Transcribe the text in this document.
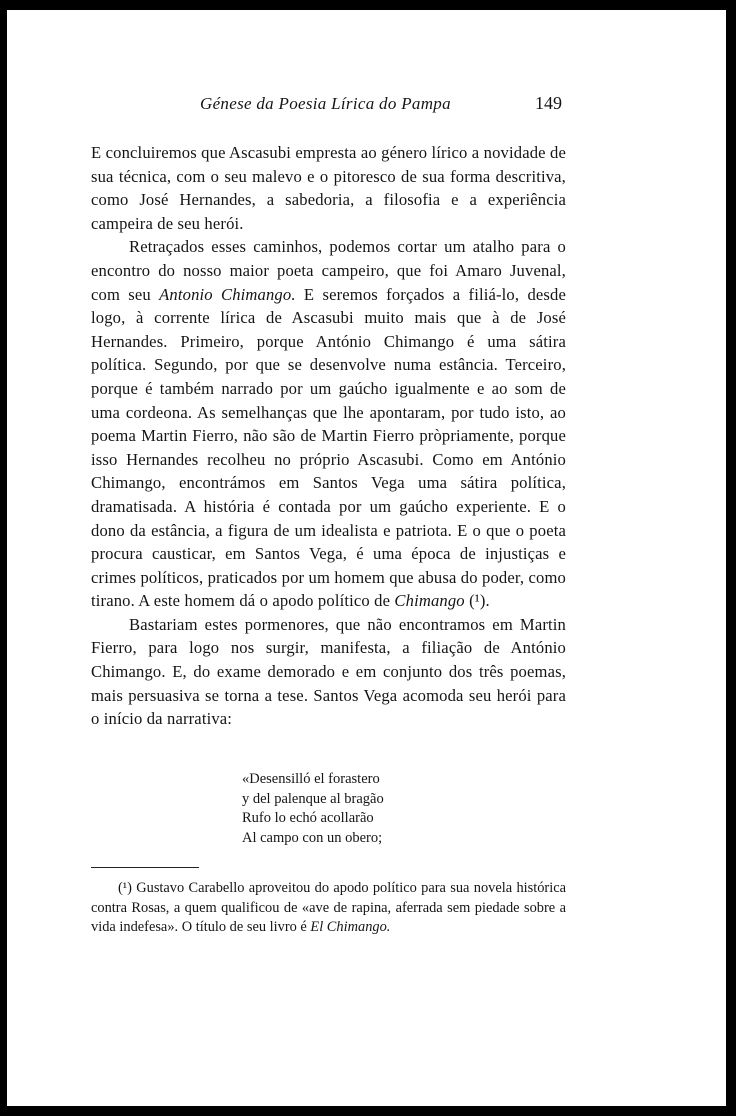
Génese da Poesia Lírica do Pampa	149

E concluiremos que Ascasubi empresta ao género lírico a novidade de sua técnica, com o seu malevo e o pitoresco de sua forma descritiva, como José Hernandes, a sabedoria, a filosofia e a experiência campeira de seu herói.

Retraçados esses caminhos, podemos cortar um atalho para o encontro do nosso maior poeta campeiro, que foi Amaro Juvenal, com seu Antonio Chimango. E seremos forçados a filiá-lo, desde logo, à corrente lírica de Ascasubi muito mais que à de José Hernandes. Primeiro, porque António Chimango é uma sátira política. Segundo, por que se desenvolve numa estância. Terceiro, porque é também narrado por um gaúcho igualmente e ao som de uma cordeona. As semelhanças que lhe apontaram, por tudo isto, ao poema Martin Fierro, não são de Martin Fierro pròpriamente, porque isso Hernandes recolheu no próprio Ascasubi. Como em António Chimango, encontrámos em Santos Vega uma sátira política, dramatisada. A história é contada por um gaúcho experiente. E o dono da estância, a figura de um idealista e patriota. E o que o poeta procura causticar, em Santos Vega, é uma época de injustiças e crimes políticos, praticados por um homem que abusa do poder, como tirano. A este homem dá o apodo político de Chimango (¹).

Bastariam estes pormenores, que não encontramos em Martin Fierro, para logo nos surgir, manifesta, a filiação de António Chimango. E, do exame demorado e em conjunto dos três poemas, mais persuasiva se torna a tese. Santos Vega acomoda seu herói para o início da narrativa:

«Desensilló el forastero
y del palenque al bragão
Rufo lo echó acollarão
Al campo con un obero;

(¹) Gustavo Carabello aproveitou do apodo político para sua novela histórica contra Rosas, a quem qualificou de «ave de rapina, aferrada sem piedade sobre a vida indefesa». O título de seu livro é El Chimango.
